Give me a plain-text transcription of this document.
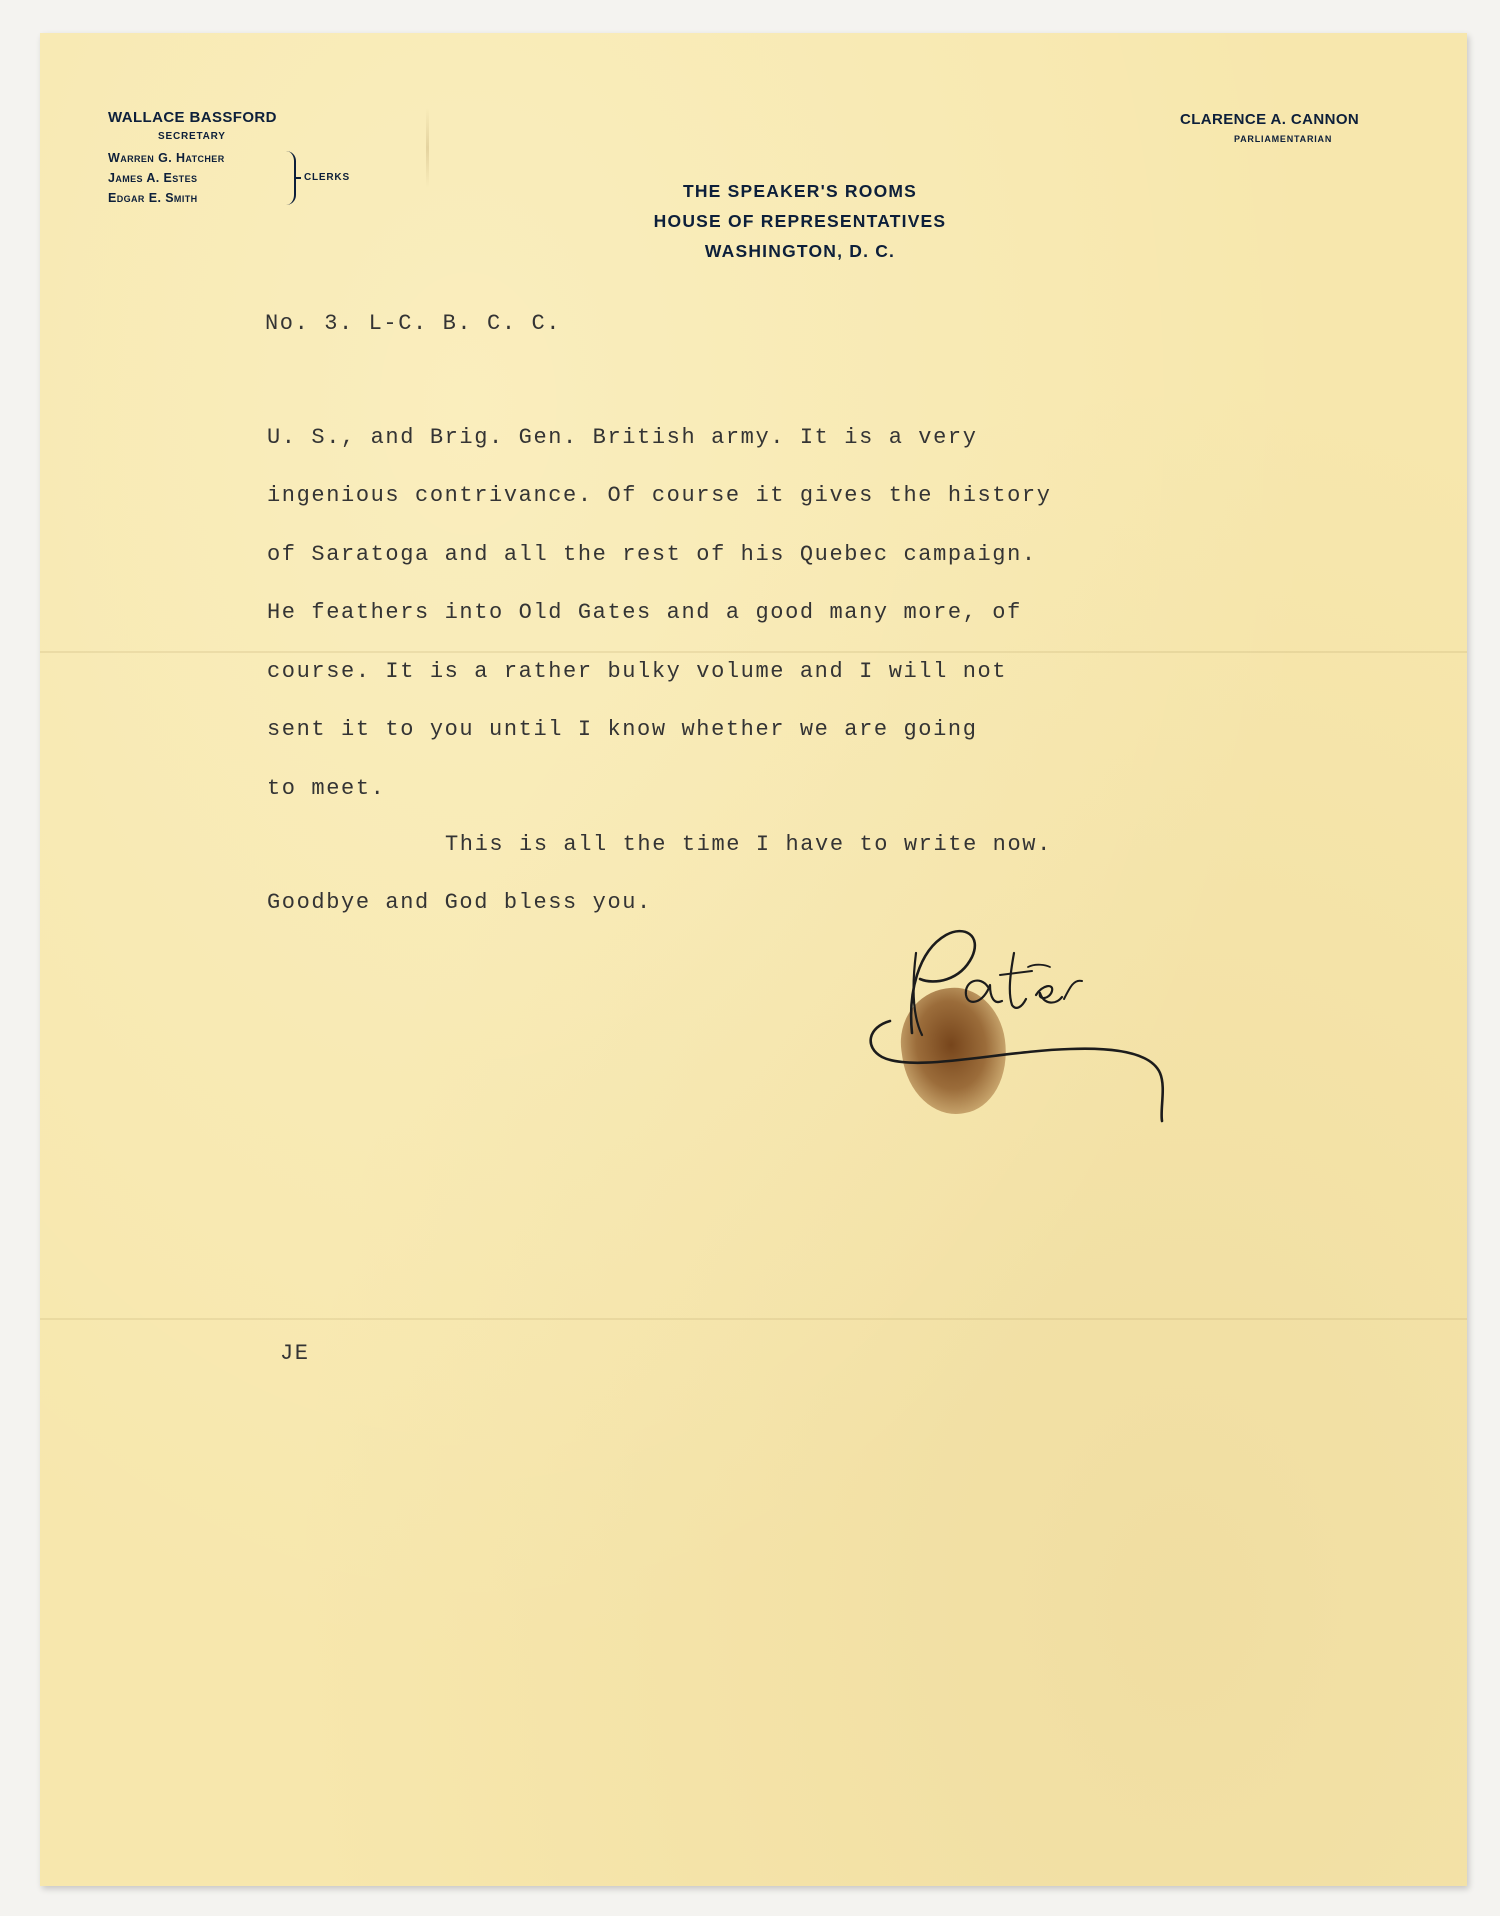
WALLACE BASSFORD
SECRETARY
Warren G. Hatcher
James A. Estes
Edgar E. Smith
CLERKS
CLARENCE A. CANNON
PARLIAMENTARIAN
THE SPEAKER'S ROOMS
HOUSE OF REPRESENTATIVES
WASHINGTON, D. C.
No. 3. L-C. B. C. C.
U. S., and Brig. Gen. British army. It is a very
ingenious contrivance. Of course it gives the history
of Saratoga and all the rest of his Quebec campaign.
He feathers into Old Gates and a good many more, of
course. It is a rather bulky volume and I will not
sent it to you until I know whether we are going
to meet.
This is all the time I have to write now.
Goodbye and God bless you.
JE
